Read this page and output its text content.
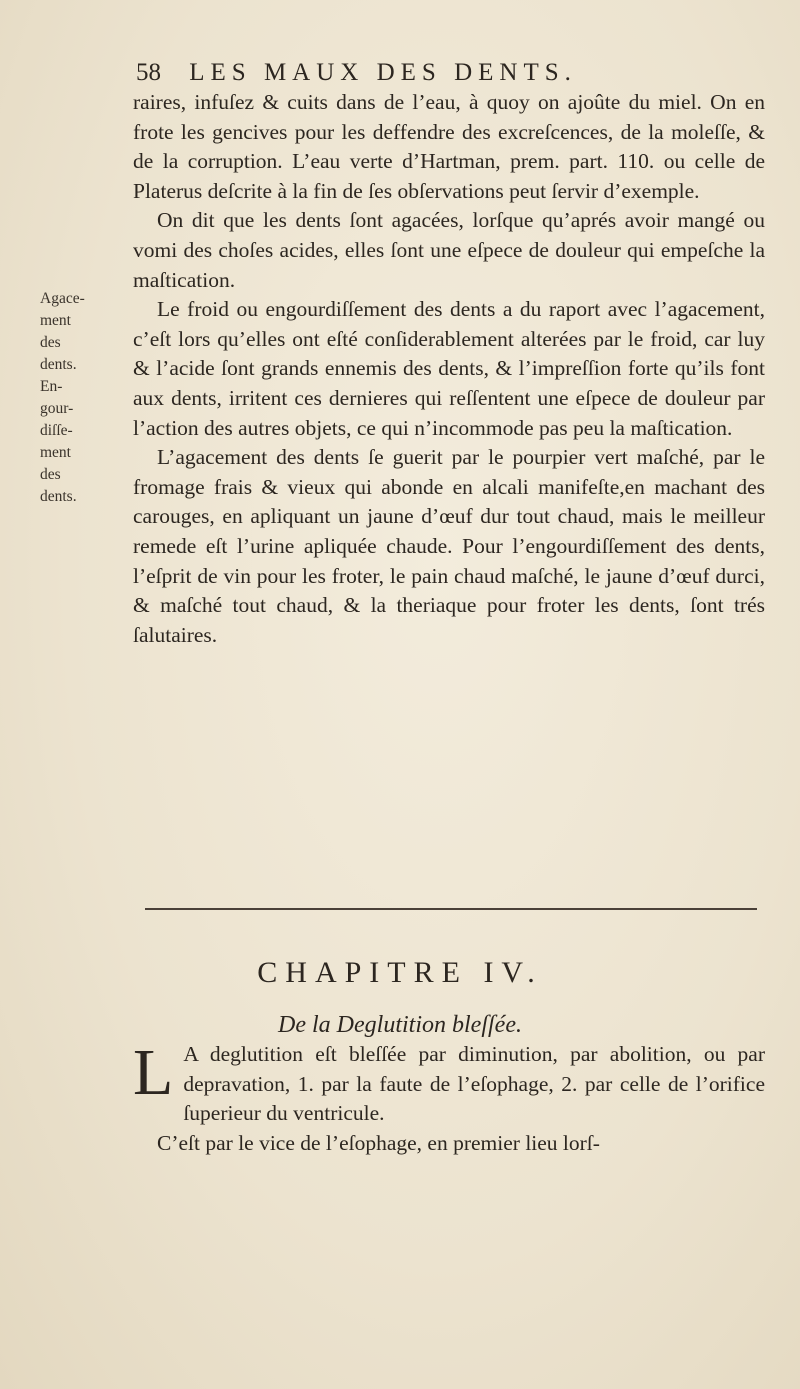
58 LES MAUX DES DENTS.
Agace-
ment
des
dents.
En-
gour-
diſſe-
ment
des
dents.

raires, infuſez & cuits dans de l’eau, à quoy on ajoûte du miel. On en frote les gencives pour les deffendre des excreſcences, de la moleſſe, & de la corruption. L’eau verte d’Hartman, prem. part. 110. ou celle de Platerus deſcrite à la fin de ſes obſervations peut ſervir d’exemple.

On dit que les dents ſont agacées, lorſque qu’aprés avoir mangé ou vomi des choſes acides, elles ſont une eſpece de douleur qui empeſche la maſtication.

Le froid ou engourdiſſement des dents a du raport avec l’agacement, c’eſt lors qu’elles ont eſté conſiderablement alterées par le froid, car luy & l’acide ſont grands ennemis des dents, & l’impreſſion forte qu’ils font aux dents, irritent ces dernieres qui reſſentent une eſpece de douleur par l’action des autres objets, ce qui n’incommode pas peu la maſtication.

L’agacement des dents ſe guerit par le pourpier vert maſché, par le fromage frais & vieux qui abonde en alcali manifeſte,en machant des carouges, en apliquant un jaune d’œuf dur tout chaud, mais le meilleur remede eſt l’urine apliquée chaude. Pour l’engourdiſſement des dents, l’eſprit de vin pour les froter, le pain chaud maſché, le jaune d’œuf durci, & maſché tout chaud, & la theriaque pour froter les dents, ſont trés ſalutaires.

CHAPITRE IV.
De la Deglutition bleſſée.

L A deglutition eſt bleſſée par diminution, par abolition, ou par depravation, 1. par la faute de l’eſophage, 2. par celle de l’orifice ſuperieur du ventricule.

C’eſt par le vice de l’eſophage, en premier lieu lorſ-
